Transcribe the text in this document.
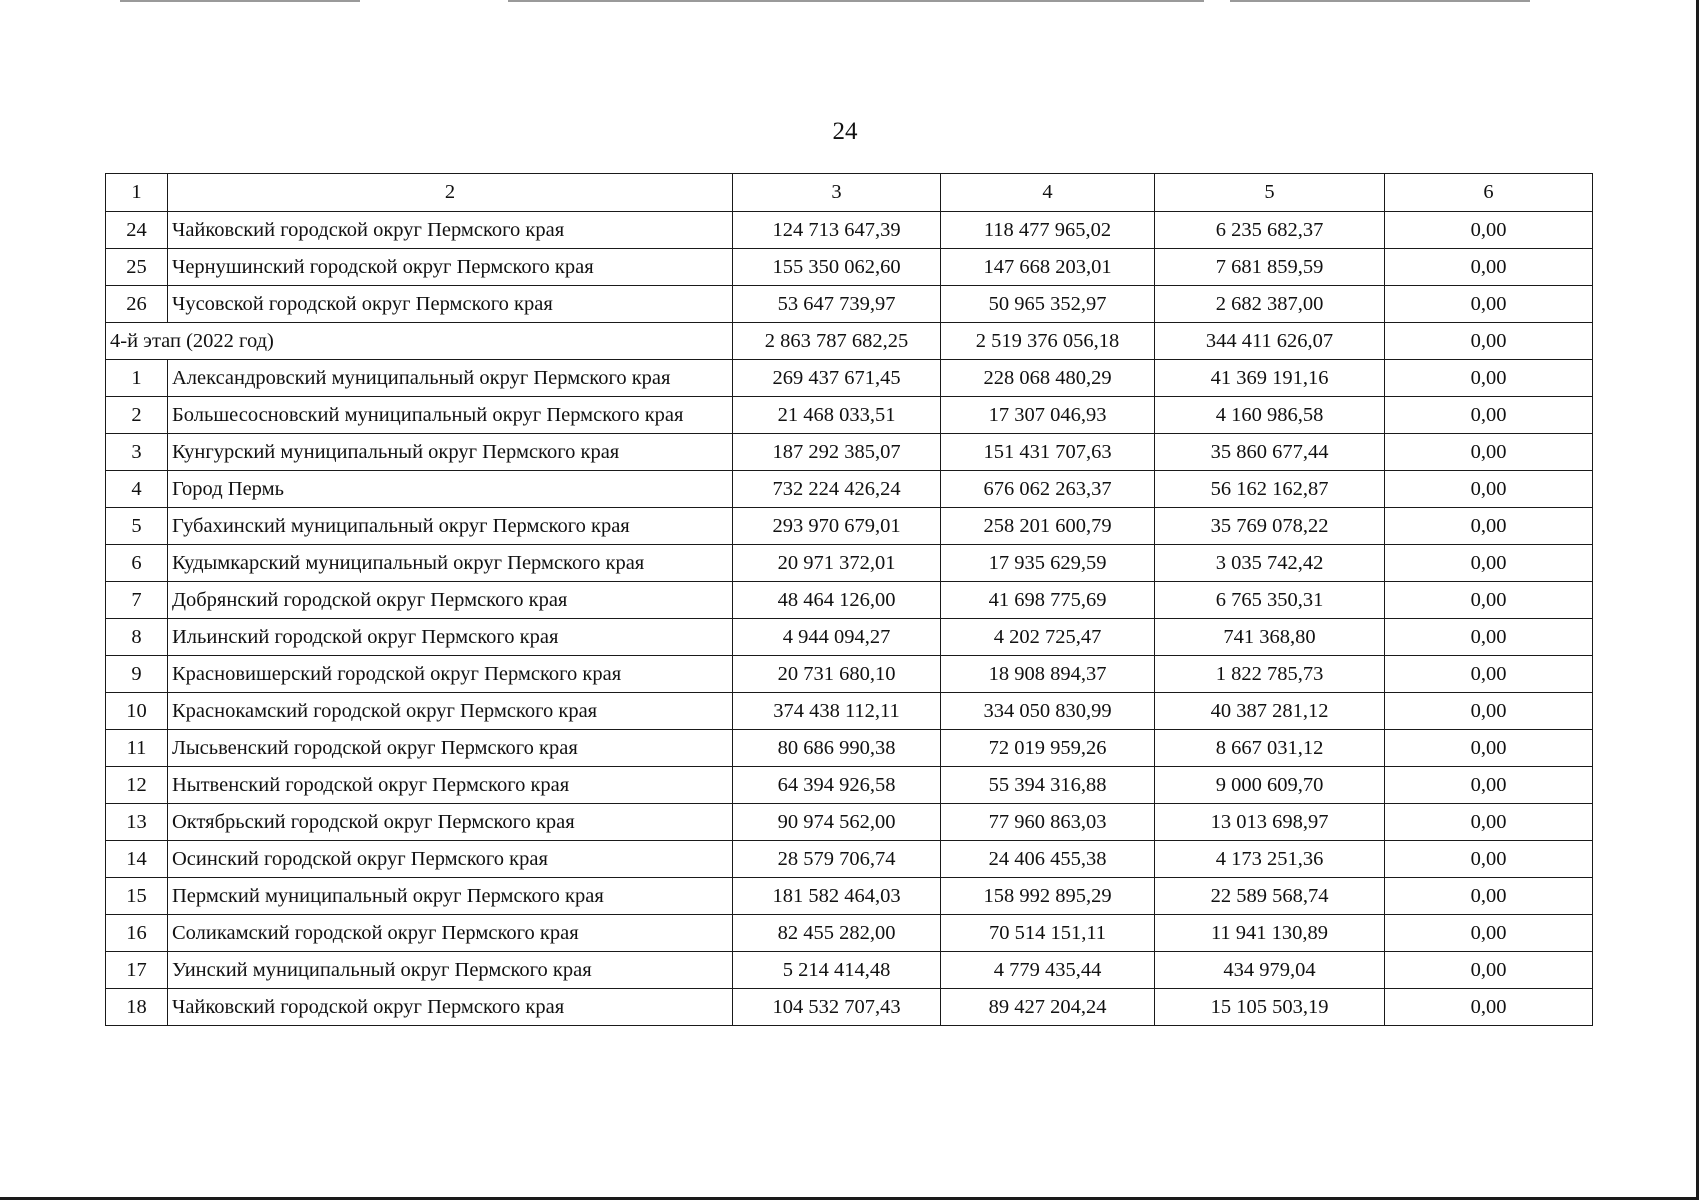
24
1	2	3	4	5	6
24	Чайковский городской округ Пермского края	124 713 647,39	118 477 965,02	6 235 682,37	0,00
25	Чернушинский городской округ Пермского края	155 350 062,60	147 668 203,01	7 681 859,59	0,00
26	Чусовской городской округ Пермского края	53 647 739,97	50 965 352,97	2 682 387,00	0,00
4-й этап (2022 год)		2 863 787 682,25	2 519 376 056,18	344 411 626,07	0,00
1	Александровский муниципальный округ Пермского края	269 437 671,45	228 068 480,29	41 369 191,16	0,00
2	Большесосновский муниципальный округ Пермского края	21 468 033,51	17 307 046,93	4 160 986,58	0,00
3	Кунгурский муниципальный округ Пермского края	187 292 385,07	151 431 707,63	35 860 677,44	0,00
4	Город Пермь	732 224 426,24	676 062 263,37	56 162 162,87	0,00
5	Губахинский муниципальный округ Пермского края	293 970 679,01	258 201 600,79	35 769 078,22	0,00
6	Кудымкарский муниципальный округ Пермского края	20 971 372,01	17 935 629,59	3 035 742,42	0,00
7	Добрянский городской округ Пермского края	48 464 126,00	41 698 775,69	6 765 350,31	0,00
8	Ильинский городской округ Пермского края	4 944 094,27	4 202 725,47	741 368,80	0,00
9	Красновишерский городской округ Пермского края	20 731 680,10	18 908 894,37	1 822 785,73	0,00
10	Краснокамский городской округ Пермского края	374 438 112,11	334 050 830,99	40 387 281,12	0,00
11	Лысьвенский городской округ Пермского края	80 686 990,38	72 019 959,26	8 667 031,12	0,00
12	Нытвенский городской округ Пермского края	64 394 926,58	55 394 316,88	9 000 609,70	0,00
13	Октябрьский городской округ Пермского края	90 974 562,00	77 960 863,03	13 013 698,97	0,00
14	Осинский городской округ Пермского края	28 579 706,74	24 406 455,38	4 173 251,36	0,00
15	Пермский муниципальный округ Пермского края	181 582 464,03	158 992 895,29	22 589 568,74	0,00
16	Соликамский городской округ Пермского края	82 455 282,00	70 514 151,11	11 941 130,89	0,00
17	Уинский муниципальный округ Пермского края	5 214 414,48	4 779 435,44	434 979,04	0,00
18	Чайковский городской округ Пермского края	104 532 707,43	89 427 204,24	15 105 503,19	0,00
